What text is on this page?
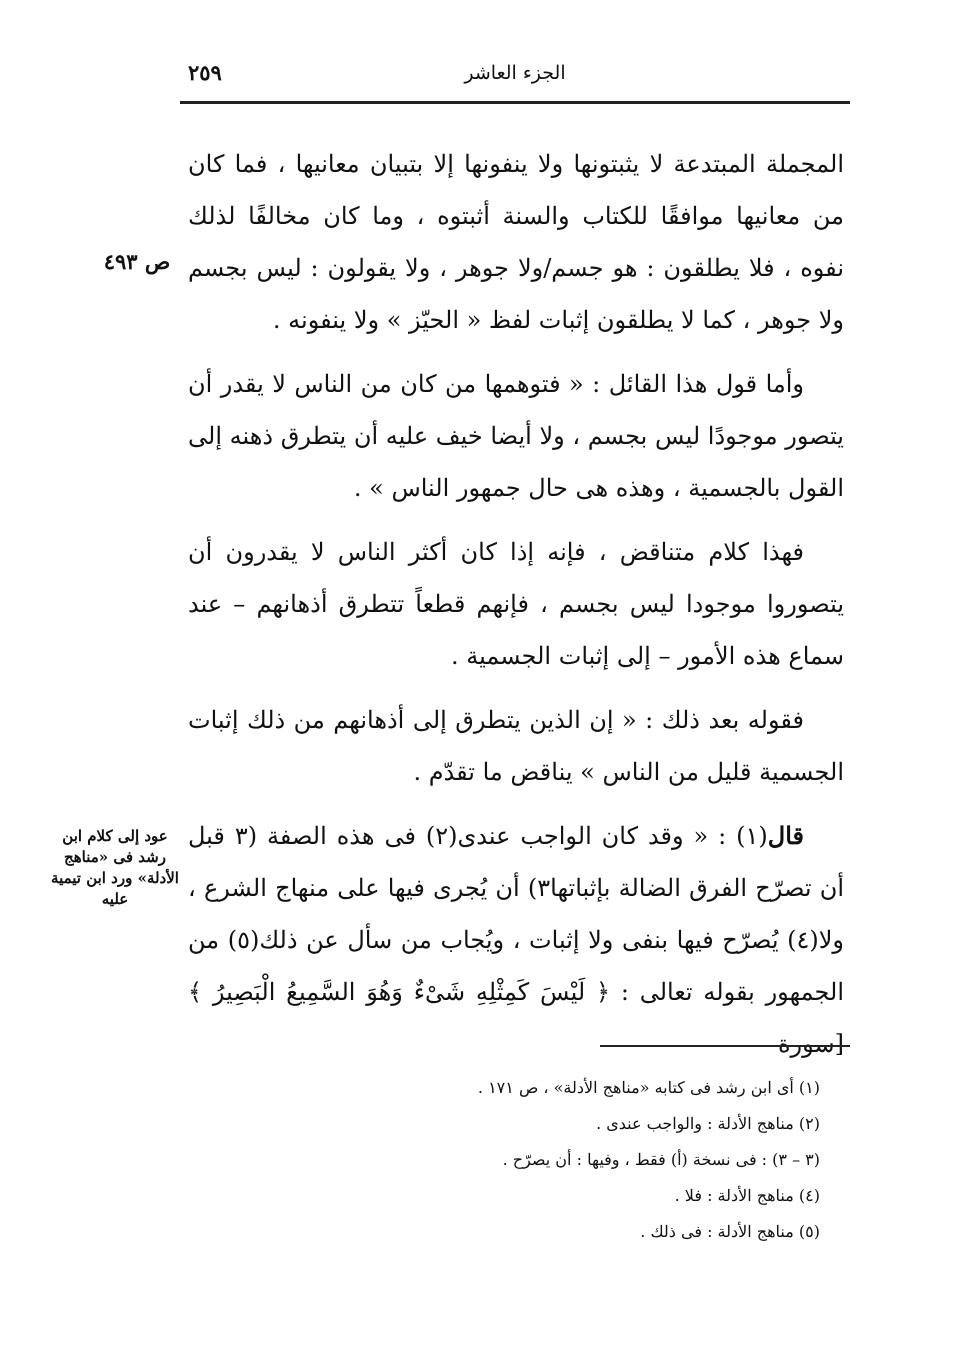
الجزء العاشر
٢٥٩
ص ٤٩٣
عود إلى كلام ابن رشد فى «مناهج الأدلة» ورد ابن تيمية عليه

المجملة المبتدعة لا يثبتونها ولا ينفونها إلا بتبيان معانيها ، فما كان من معانيها موافقًا للكتاب والسنة أثبتوه ، وما كان مخالفًا لذلك نفوه ، فلا يطلقون : هو جسم/ولا جوهر ، ولا يقولون : ليس بجسم ولا جوهر ، كما لا يطلقون إثبات لفظ « الحيّز » ولا ينفونه .

وأما قول هذا القائل : « فتوهمها من كان من الناس لا يقدر أن يتصور موجودًا ليس بجسم ، ولا أيضا خيف عليه أن يتطرق ذهنه إلى القول بالجسمية ، وهذه هى حال جمهور الناس » .

فهذا كلام متناقض ، فإنه إذا كان أكثر الناس لا يقدرون أن يتصوروا موجودا ليس بجسم ، فإنهم قطعاً تتطرق أذهانهم – عند سماع هذه الأمور – إلى إثبات الجسمية .

فقوله بعد ذلك : « إن الذين يتطرق إلى أذهانهم من ذلك إثبات الجسمية قليل من الناس » يناقض ما تقدّم .

قال(١) : « وقد كان الواجب عندى(٢) فى هذه الصفة (٣ قبل أن تصرّح الفرق الضالة بإثباتها٣) أن يُجرى فيها على منهاج الشرع ، ولا(٤) يُصرّح فيها بنفى ولا إثبات ، ويُجاب من سأل عن ذلك(٥) من الجمهور بقوله تعالى : ﴿ لَيْسَ كَمِثْلِهِ شَىْءٌ وَهُوَ السَّمِيعُ الْبَصِيرُ ﴾ [سورة

(١) أى ابن رشد فى كتابه «مناهج الأدلة» ، ص ١٧١ .

(٢) مناهج الأدلة : والواجب عندى .

(٣ – ٣) : فى نسخة (أ) فقط ، وفيها : أن يصرّح .

(٤) مناهج الأدلة : فلا .

(٥) مناهج الأدلة : فى ذلك .
